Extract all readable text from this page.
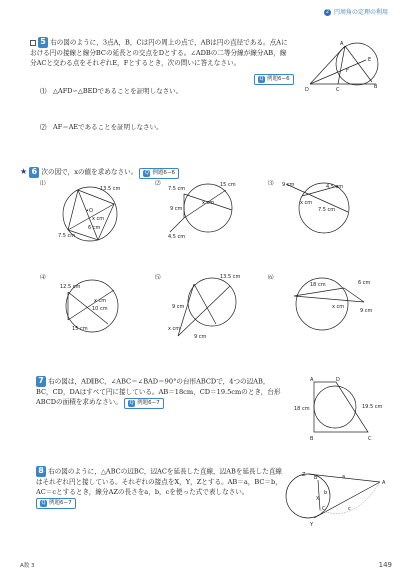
2 円周角の定理の利用
5 右の図のように，3点A，B，Cは円の周上の点で，ABは円の直径である。点Aにおける円の接線と線分BCの延長との交点をDとする。∠ADBの二等分線が線分AB，線分ACと交わる点をそれぞれE，Fとするとき，次の問いに答えなさい。
Q 例題6−6
⑴　△AFD∽△BEDであることを証明しなさい。
⑵　AF＝AEであることを証明しなさい。
A
B
C
D
E
F
★ 6 次の図で，xの値を求めなさい。	Q 例題6−6
⑴
13.5 cm
x cm
6 cm
7.5 cm
•O
⑵	15 cm
7.5 cm
x cm
9 cm
4.5 cm
⑶ 9 cm	4.5 cm
x cm
7.5 cm
⑷
12.5 cm
x cm
10 cm
15 cm
⑸	13.5 cm
9 cm
x cm
9 cm
⑹
18 cm	6 cm
x cm
9 cm
7 右の図は，AD∥BC，∠ABC＝∠BAD＝90°の台形ABCDで，4つの辺AB，BC，CD，DAはすべて円に接している。AB＝18cm，CD＝19.5cmのとき，台形ABCDの面積を求めなさい。	Q 例題6−7
A	D
B	C
18 cm	19.5 cm
8 右の図のように，△ABCの辺BC，辺ACを延長した直線，辺ABを延長した直線はそれぞれ円と接している。それぞれの接点をX，Y，Zとする。AB＝a，BC＝b，AC＝cとするとき，線分AZの長さをa，b，cを使った式で表しなさい。
Q 例題6−7
Z B
A
X
C
Y
a
b
c
A数 3	149
